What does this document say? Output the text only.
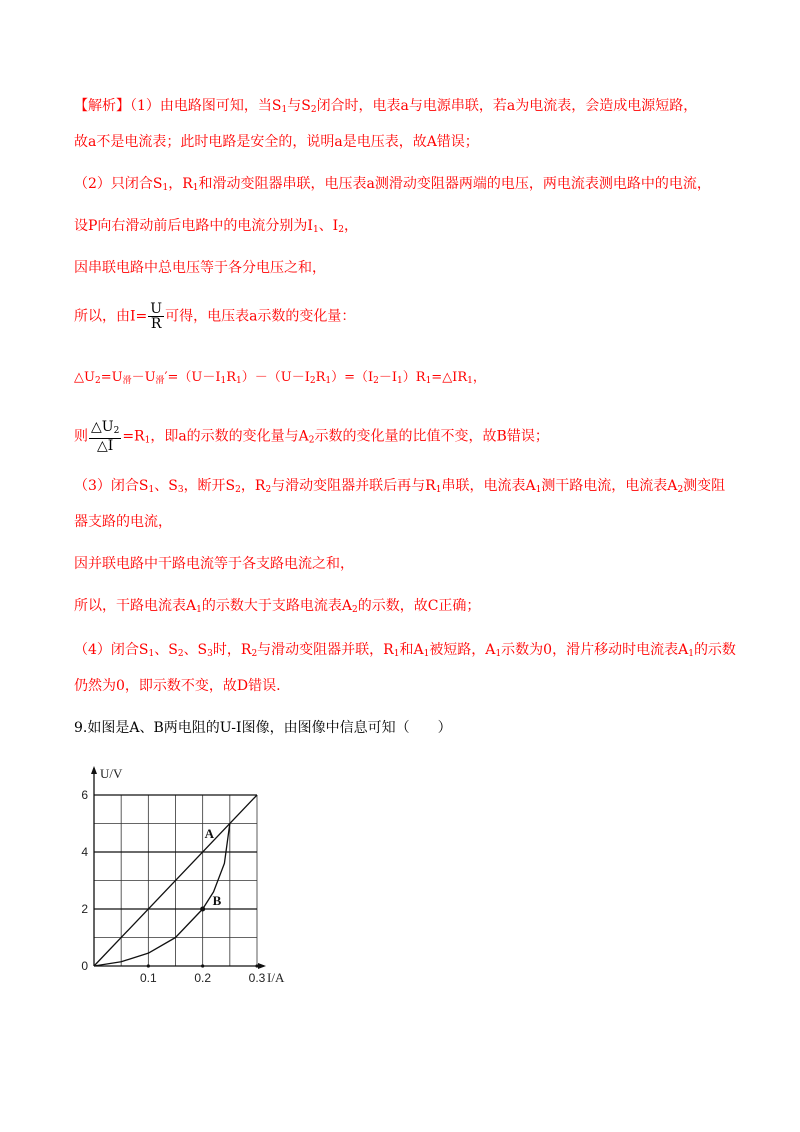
【解析】（1）由电路图可知，当$S_1$与$S_2$闭合时，电表a与电源串联，若a为电流表，会造成电源短路，
故a不是电流表；此时电路是安全的，说明a是电压表，故A错误；
（2）只闭合$S_1$，$R_1$和滑动变阻器串联，电压表a测滑动变阻器两端的电压，两电流表测电路中的电流，
设P向右滑动前后电路中的电流分别为$I_1$、$I_2$，
因串联电路中总电压等于各分电压之和，
所以，由$I= \frac{U}{R}$ 可得，电压表a示数的变化量：
$\triangle U_2=U_滑-U_滑'=(U-I_1R_1)-(U-I_2R_1)=(I_2-I_1)R_1=\triangle IR_1$，
则 $\frac{\triangle U_2}{\triangle I} =R_1$，即a的示数的变化量与$A_2$示数的变化量的比值不变，故B错误；
（3）闭合$S_1$、$S_3$，断开$S_2$，$R_2$与滑动变阻器并联后再与$R_1$串联，电流表$A_1$测干路电流，电流表$A_2$测变阻
器支路的电流，
因并联电路中干路电流等于各支路电流之和，
所以，干路电流表$A_1$的示数大于支路电流表$A_2$的示数，故C正确；
（4）闭合$S_1$、$S_2$、$S_3$时，$R_2$与滑动变阻器并联，$R_1$和$A_1$被短路，$A_1$示数为0，滑片移动时电流表$A_1$的示数
仍然为0，即示数不变，故D错误.
9.如图是A、B两电阻的U-I图像，由图像中信息可知（　　）
0
2
4
6
0.1	0.2	0.3
U/V
I/A
A
B
